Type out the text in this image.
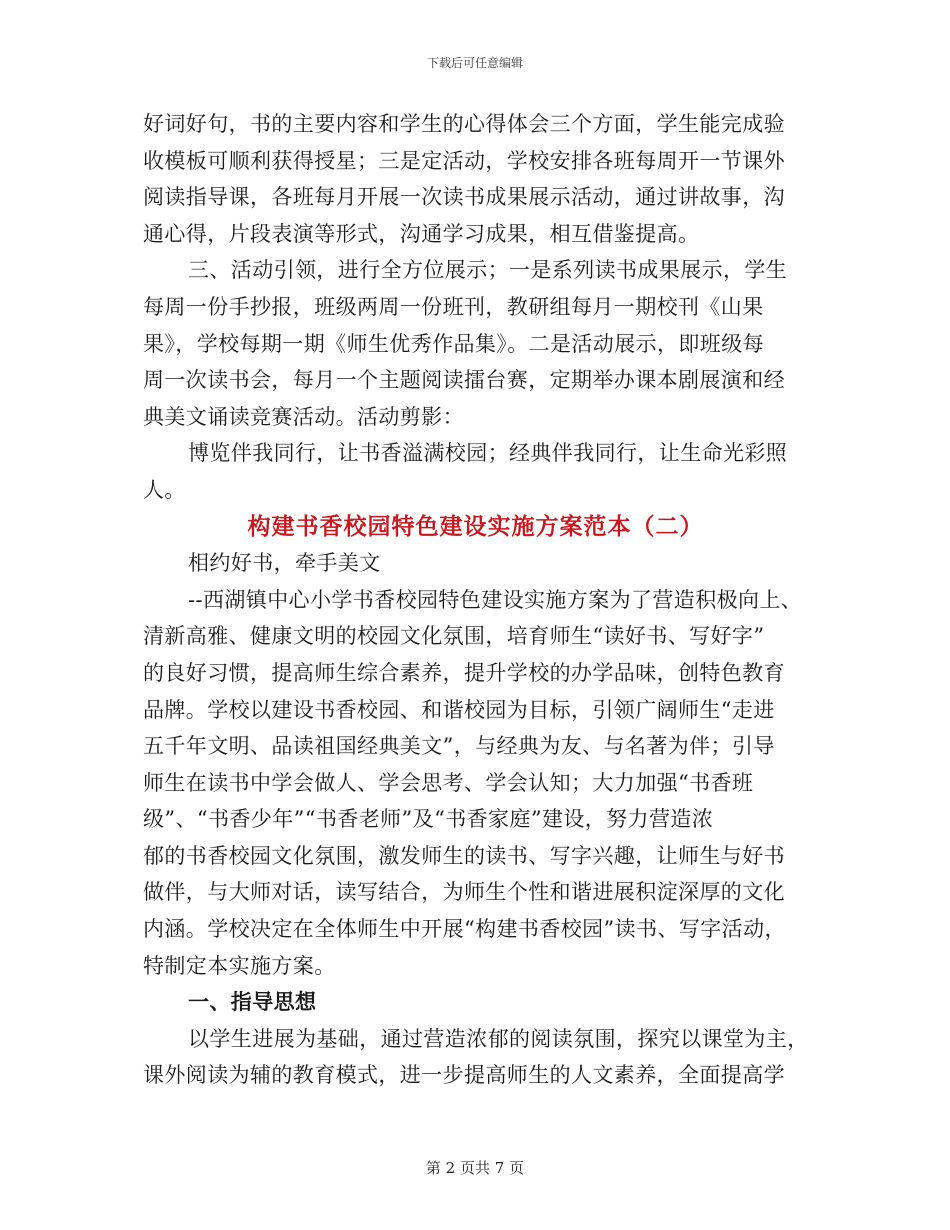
下载后可任意编辑
好词好句，书的主要内容和学生的心得体会三个方面，学生能完成验
收模板可顺利获得授星；三是定活动，学校安排各班每周开一节课外
阅读指导课，各班每月开展一次读书成果展示活动，通过讲故事，沟
通心得，片段表演等形式，沟通学习成果，相互借鉴提高。
三、活动引领，进行全方位展示；一是系列读书成果展示，学生
每周一份手抄报，班级两周一份班刊，教研组每月一期校刊《山果
果》，学校每期一期《师生优秀作品集》。二是活动展示，即班级每
周一次读书会，每月一个主题阅读擂台赛，定期举办课本剧展演和经
典美文诵读竞赛活动。活动剪影：
博览伴我同行，让书香溢满校园；经典伴我同行，让生命光彩照
人。
构建书香校园特色建设实施方案范本（二）
相约好书，牵手美文
--西湖镇中心小学书香校园特色建设实施方案为了营造积极向上、
清新高雅、健康文明的校园文化氛围，培育师生“读好书、写好字”
的良好习惯，提高师生综合素养，提升学校的办学品味，创特色教育
品牌。学校以建设书香校园、和谐校园为目标，引领广阔师生“走进
五千年文明、品读祖国经典美文”，与经典为友、与名著为伴；引导
师生在读书中学会做人、学会思考、学会认知；大力加强“书香班
级”、“书香少年”“书香老师”及“书香家庭”建设，努力营造浓
郁的书香校园文化氛围，激发师生的读书、写字兴趣，让师生与好书
做伴，与大师对话，读写结合，为师生个性和谐进展积淀深厚的文化
内涵。学校决定在全体师生中开展“构建书香校园”读书、写字活动，
特制定本实施方案。
一、指导思想
以学生进展为基础，通过营造浓郁的阅读氛围，探究以课堂为主，
课外阅读为辅的教育模式，进一步提高师生的人文素养，全面提高学
第 2 页共 7 页
